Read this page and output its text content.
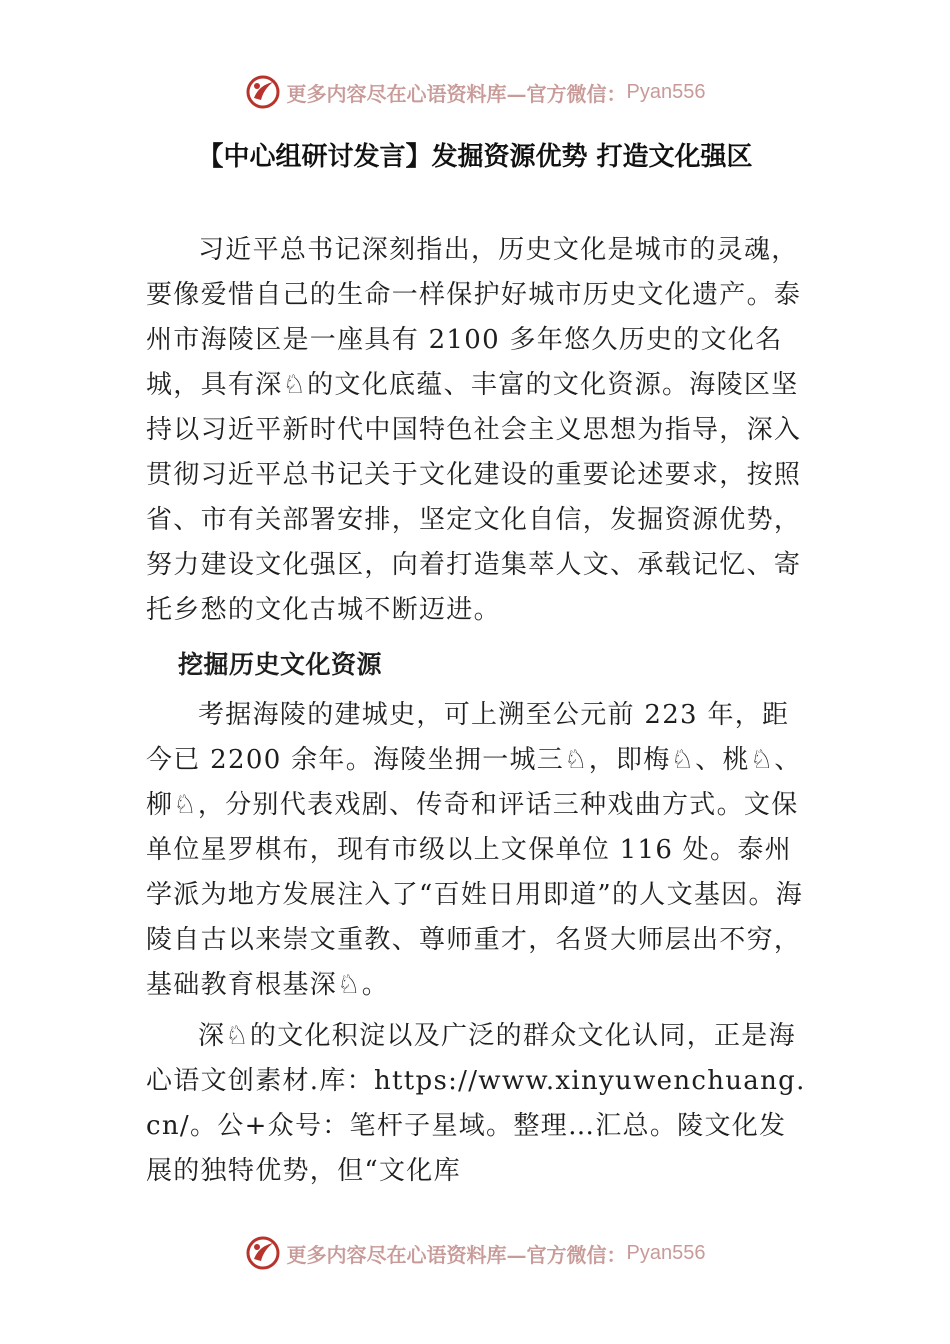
更多内容尽在心语资料库—官方微信： Pyan556
【中心组研讨发言】发掘资源优势 打造文化强区

习近平总书记深刻指出，历史文化是城市的灵魂，要像爱惜自己的生命一样保护好城市历史文化遗产。泰州市海陵区是一座具有 2100 多年悠久历史的文化名城，具有深♘的文化底蕴、丰富的文化资源。海陵区坚持以习近平新时代中国特色社会主义思想为指导，深入贯彻习近平总书记关于文化建设的重要论述要求，按照省、市有关部署安排，坚定文化自信，发掘资源优势，努力建设文化强区，向着打造集萃人文、承载记忆、寄托乡愁的文化古城不断迈进。

挖掘历史文化资源

考据海陵的建城史，可上溯至公元前 223 年，距今已 2200 余年。海陵坐拥一城三♘，即梅♘、桃♘、柳♘，分别代表戏剧、传奇和评话三种戏曲方式。文保单位星罗棋布，现有市级以上文保单位 116 处。泰州学派为地方发展注入了“百姓日用即道”的人文基因。海陵自古以来崇文重教、尊师重才，名贤大师层出不穷，基础教育根基深♘。

深♘的文化积淀以及广泛的群众文化认同，正是海心语文创素材.库：https://www.xinyuwenchuang.cn/。公+众号：笔杆子星域。整理…汇总。陵文化发展的独特优势，但“文化库

更多内容尽在心语资料库—官方微信： Pyan556
